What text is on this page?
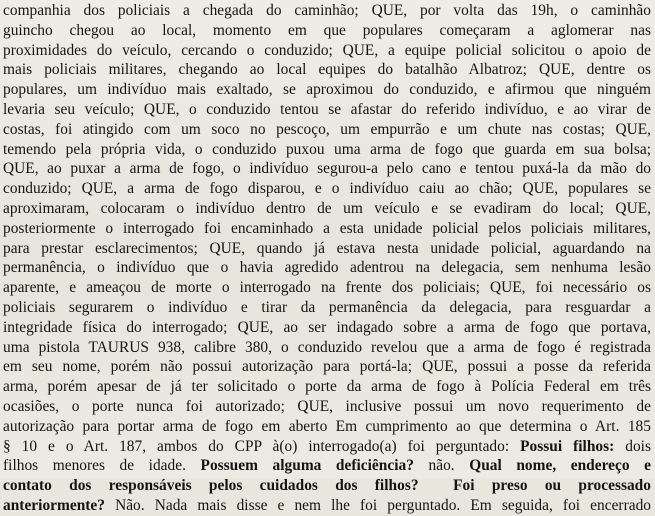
companhia dos policiais a chegada do caminhão; QUE, por volta das 19h, o caminhão
guincho chegou ao local, momento em que populares começaram a aglomerar nas
proximidades do veículo, cercando o conduzido; QUE, a equipe policial solicitou o apoio de
mais policiais militares, chegando ao local equipes do batalhão Albatroz; QUE, dentre os
populares, um indivíduo mais exaltado, se aproximou do conduzido, e afirmou que ninguém
levaria seu veículo; QUE, o conduzido tentou se afastar do referido indivíduo, e ao virar de
costas, foi atingido com um soco no pescoço, um empurrão e um chute nas costas; QUE,
temendo pela própria vida, o conduzido puxou uma arma de fogo que guarda em sua bolsa;
QUE, ao puxar a arma de fogo, o indivíduo segurou-a pelo cano e tentou puxá-la da mão do
conduzido; QUE, a arma de fogo disparou, e o indivíduo caiu ao chão; QUE, populares se
aproximaram, colocaram o indivíduo dentro de um veículo e se evadiram do local; QUE,
posteriormente o interrogado foi encaminhado a esta unidade policial pelos policiais militares,
para prestar esclarecimentos; QUE, quando já estava nesta unidade policial, aguardando na
permanência, o indivíduo que o havia agredido adentrou na delegacia, sem nenhuma lesão
aparente, e ameaçou de morte o interrogado na frente dos policiais; QUE, foi necessário os
policiais segurarem o indivíduo e tirar da permanência da delegacia, para resguardar a
integridade física do interrogado; QUE, ao ser indagado sobre a arma de fogo que portava,
uma pistola TAURUS 938, calibre 380, o conduzido revelou que a arma de fogo é registrada
em seu nome, porém não possui autorização para portá-la; QUE, possui a posse da referida
arma, porém apesar de já ter solicitado o porte da arma de fogo à Polícia Federal em três
ocasiões, o porte nunca foi autorizado; QUE, inclusive possui um novo requerimento de
autorização para portar arma de fogo em aberto Em cumprimento ao que determina o Art. 185
§ 10 e o Art. 187, ambos do CPP à(o) interrogado(a) foi perguntado: Possui filhos: dois
filhos menores de idade. Possuem alguma deficiência? não. Qual nome, endereço e
contato dos responsáveis pelos cuidados dos filhos? Foi preso ou processado
anteriormente? Não. Nada mais disse e nem lhe foi perguntado. Em seguida, foi encerrado
